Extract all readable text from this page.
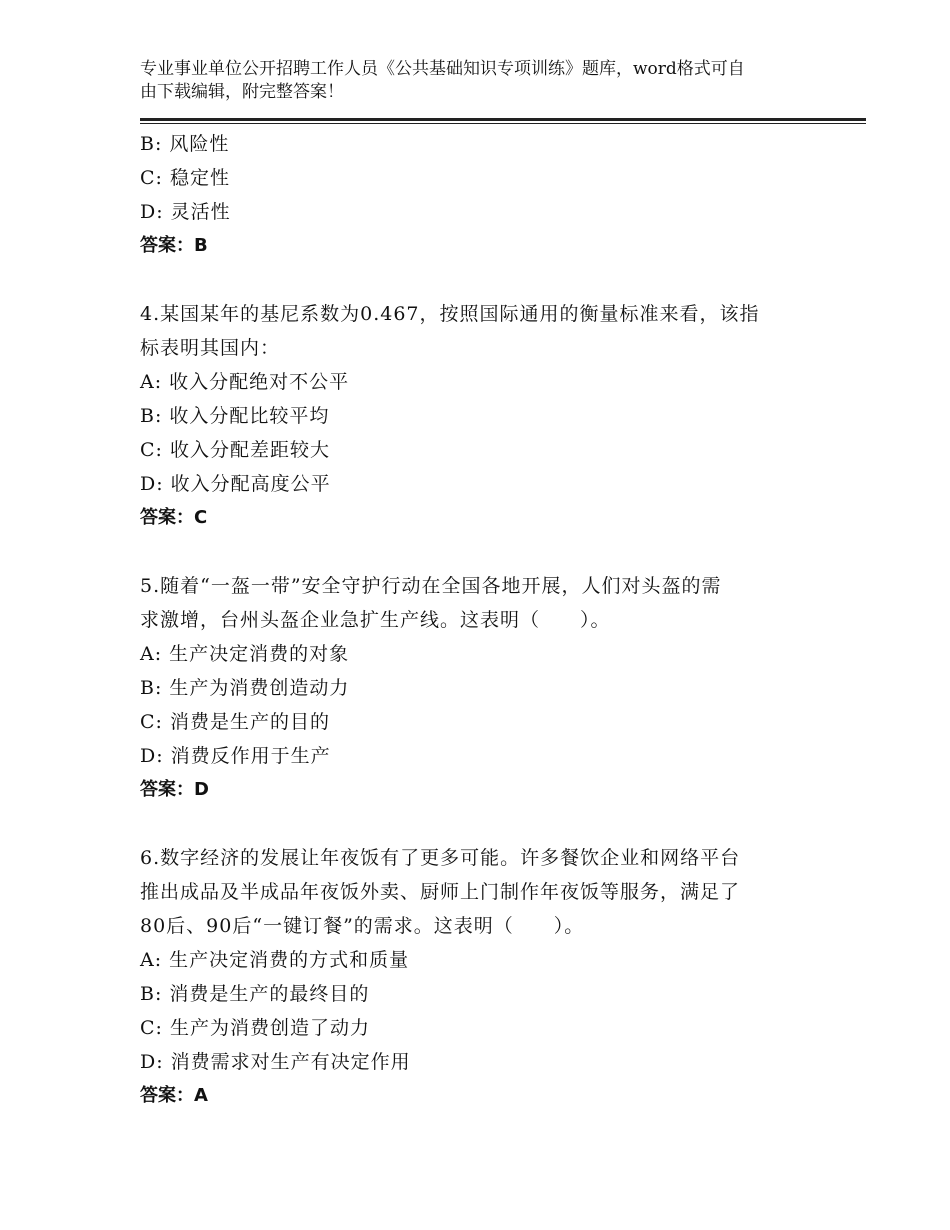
专业事业单位公开招聘工作人员《公共基础知识专项训练》题库，word格式可自
由下载编辑，附完整答案！
B: 风险性
C: 稳定性
D: 灵活性
答案：B
4.某国某年的基尼系数为0.467，按照国际通用的衡量标准来看，该指
标表明其国内：
A: 收入分配绝对不公平
B: 收入分配比较平均
C: 收入分配差距较大
D: 收入分配高度公平
答案：C
5.随着“一盔一带”安全守护行动在全国各地开展，人们对头盔的需
求激增，台州头盔企业急扩生产线。这表明（　　）。
A: 生产决定消费的对象
B: 生产为消费创造动力
C: 消费是生产的目的
D: 消费反作用于生产
答案：D
6.数字经济的发展让年夜饭有了更多可能。许多餐饮企业和网络平台
推出成品及半成品年夜饭外卖、厨师上门制作年夜饭等服务，满足了
80后、90后“一键订餐”的需求。这表明（　　）。
A: 生产决定消费的方式和质量
B: 消费是生产的最终目的
C: 生产为消费创造了动力
D: 消费需求对生产有决定作用
答案：A
